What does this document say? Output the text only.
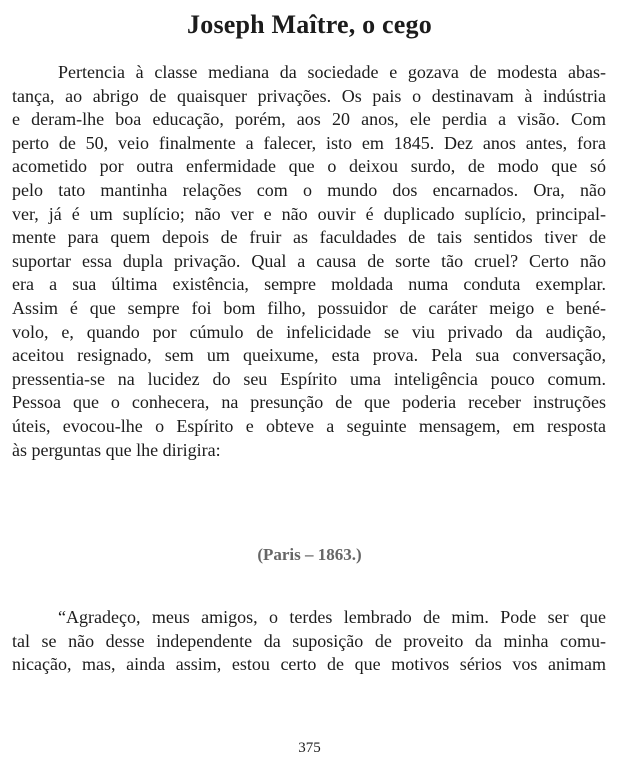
Joseph Maître, o cego
Pertencia à classe mediana da sociedade e gozava de modesta abas-
tança, ao abrigo de quaisquer privações. Os pais o destinavam à indústria
e deram-lhe boa educação, porém, aos 20 anos, ele perdia a visão. Com
perto de 50, veio finalmente a falecer, isto em 1845. Dez anos antes, fora
acometido por outra enfermidade que o deixou surdo, de modo que só
pelo tato mantinha relações com o mundo dos encarnados. Ora, não
ver, já é um suplício; não ver e não ouvir é duplicado suplício, principal-
mente para quem depois de fruir as faculdades de tais sentidos tiver de
suportar essa dupla privação. Qual a causa de sorte tão cruel? Certo não
era a sua última existência, sempre moldada numa conduta exemplar.
Assim é que sempre foi bom filho, possuidor de caráter meigo e bené-
volo, e, quando por cúmulo de infelicidade se viu privado da audição,
aceitou resignado, sem um queixume, esta prova. Pela sua conversação,
pressentia-se na lucidez do seu Espírito uma inteligência pouco comum.
Pessoa que o conhecera, na presunção de que poderia receber instruções
úteis, evocou-lhe o Espírito e obteve a seguinte mensagem, em resposta
às perguntas que lhe dirigira:

(Paris – 1863.)

“Agradeço, meus amigos, o terdes lembrado de mim. Pode ser que
tal se não desse independente da suposição de proveito da minha comu-
nicação, mas, ainda assim, estou certo de que motivos sérios vos animam
375
